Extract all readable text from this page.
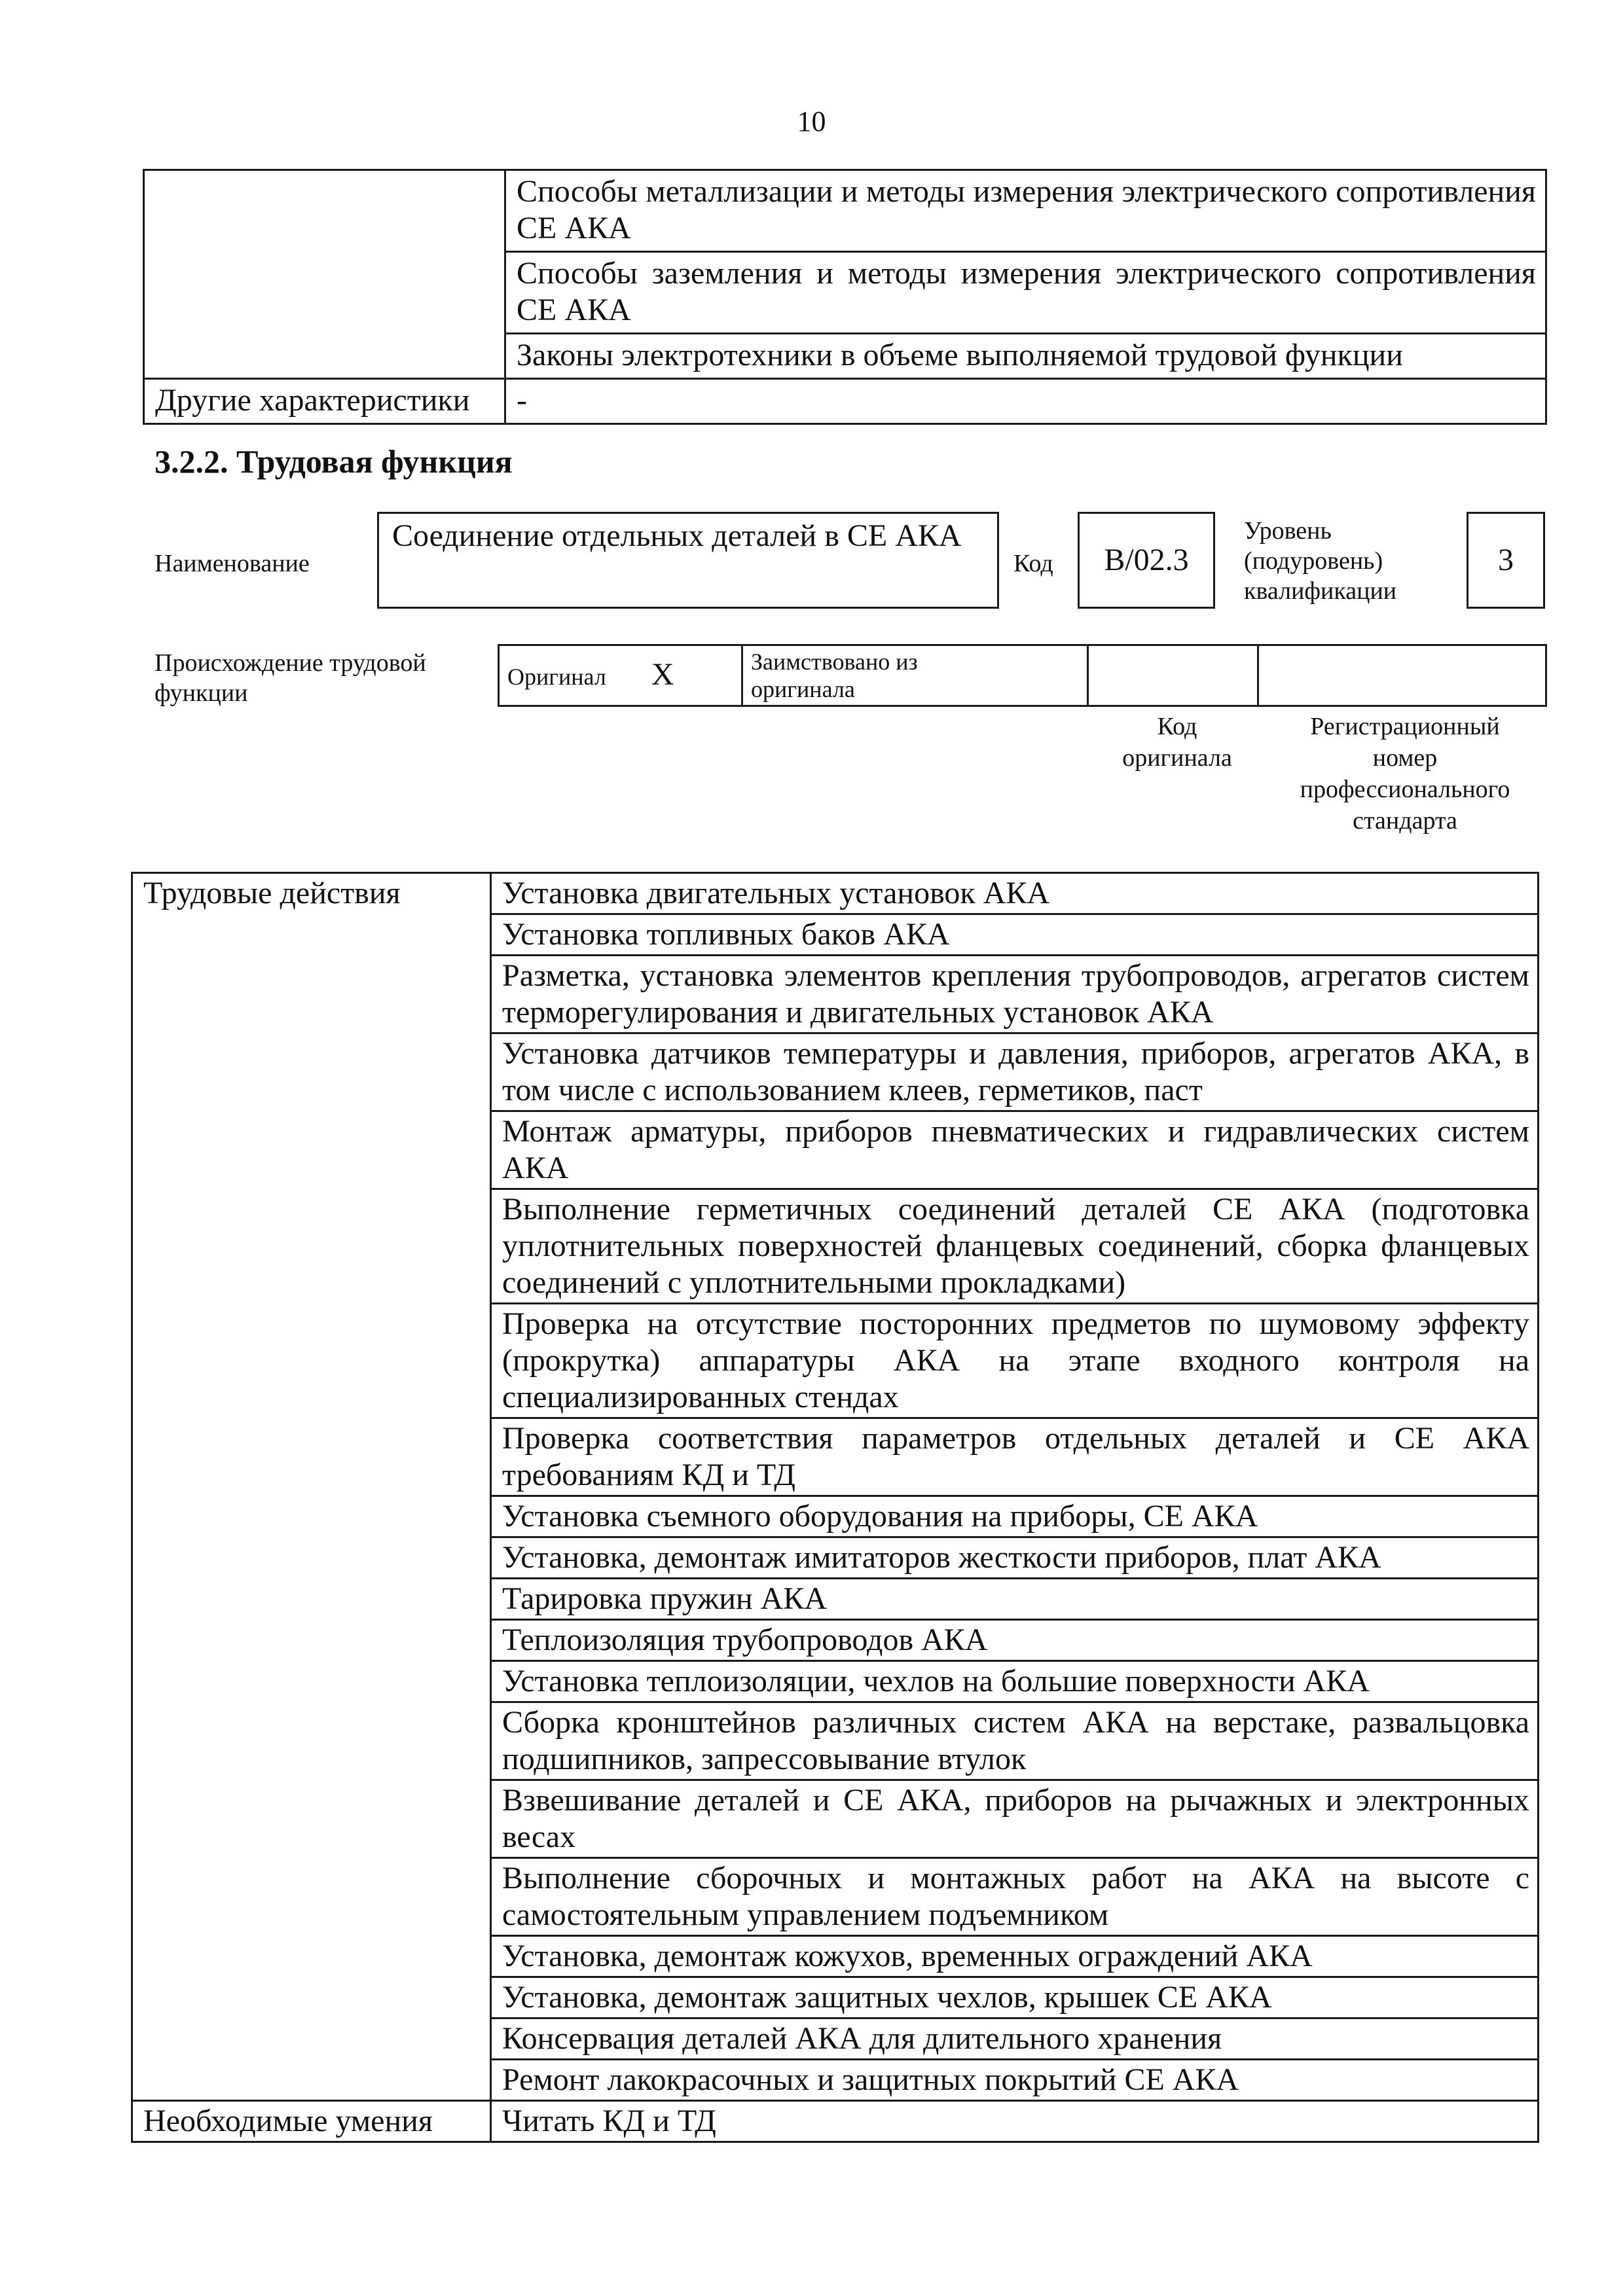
10
	Способы металлизации и методы измерения электрического сопротивления СЕ АКА
	Способы заземления и методы измерения электрического сопротивления СЕ АКА
	Законы электротехники в объеме выполняемой трудовой функции
Другие характеристики	-
3.2.2. Трудовая функция
Наименование
Соединение отдельных деталей в СЕ АКА
Код	B/02.3
Уровень
(подуровень)
квалификации
3
Происхождение трудовой
функции
Оригинал X	Заимствовано из
оригинала

Код
оригинала
Регистрационный
номер
профессионального
стандарта
Трудовые действия	Установка двигательных установок АКА
	Установка топливных баков АКА
	Разметка, установка элементов крепления трубопроводов, агрегатов систем терморегулирования и двигательных установок АКА
	Установка датчиков температуры и давления, приборов, агрегатов АКА, в том числе с использованием клеев, герметиков, паст
	Монтаж арматуры, приборов пневматических и гидравлических систем АКА
	Выполнение герметичных соединений деталей СЕ АКА (подготовка уплотнительных поверхностей фланцевых соединений, сборка фланцевых соединений с уплотнительными прокладками)
	Проверка на отсутствие посторонних предметов по шумовому эффекту (прокрутка) аппаратуры АКА на этапе входного контроля на специализированных стендах
	Проверка соответствия параметров отдельных деталей и СЕ АКА требованиям КД и ТД
	Установка съемного оборудования на приборы, СЕ АКА
	Установка, демонтаж имитаторов жесткости приборов, плат АКА
	Тарировка пружин АКА
	Теплоизоляция трубопроводов АКА
	Установка теплоизоляции, чехлов на большие поверхности АКА
	Сборка кронштейнов различных систем АКА на верстаке, развальцовка подшипников, запрессовывание втулок
	Взвешивание деталей и СЕ АКА, приборов на рычажных и электронных весах
	Выполнение сборочных и монтажных работ на АКА на высоте с самостоятельным управлением подъемником
	Установка, демонтаж кожухов, временных ограждений АКА
	Установка, демонтаж защитных чехлов, крышек СЕ АКА
	Консервация деталей АКА для длительного хранения
	Ремонт лакокрасочных и защитных покрытий СЕ АКА
Необходимые умения	Читать КД и ТД
